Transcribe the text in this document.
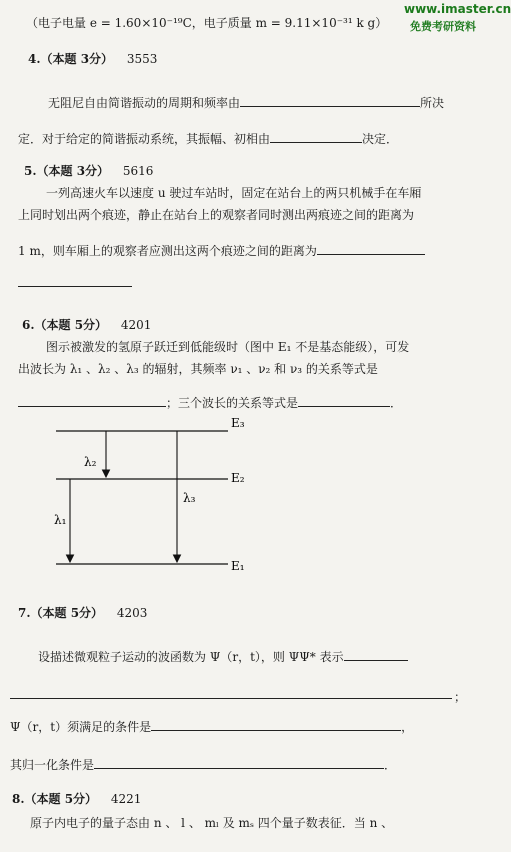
www.imaster.cn
免费考研资料
（电子电量 e = 1.60×10⁻¹⁹C，电子质量 m = 9.11×10⁻³¹ k g）
4.（本题 3分） 3553
无阻尼自由简谐振动的周期和频率由	所决
定．对于给定的简谐振动系统，其振幅、初相由	决定．
5.（本题 3分） 5616
一列高速火车以速度 u 驶过车站时，固定在站台上的两只机械手在车厢
上同时划出两个痕迹，静止在站台上的观察者同时测出两痕迹之间的距离为
1 m，则车厢上的观察者应测出这两个痕迹之间的距离为
6.（本题 5分） 4201
图示被激发的氢原子跃迁到低能级时（图中 E₁ 不是基态能级），可发
出波长为 λ₁ 、λ₂ 、λ₃ 的辐射，其频率 ν₁ 、ν₂ 和 ν₃ 的关系等式是
；三个波长的关系等式是	．
E₃
E₂
E₁
λ₂
λ₁
λ₃
7.（本题 5分） 4203
设描述微观粒子运动的波函数为 Ψ（r，t），则 ΨΨ* 表示
；
Ψ（r，t）须满足的条件是	，
其归一化条件是	．
8.（本题 5分） 4221
原子内电子的量子态由 n 、 l 、 mₗ 及 mₛ 四个量子数表征．当 n 、
